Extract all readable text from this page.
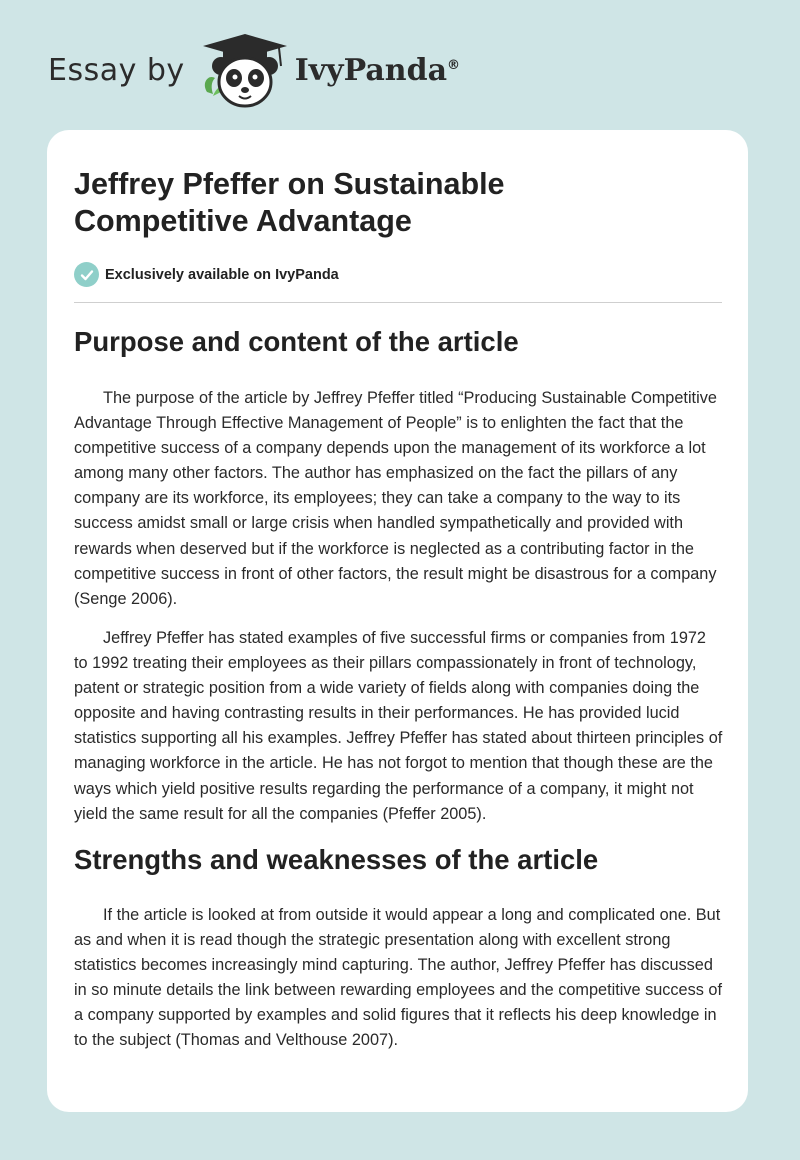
Essay by	IvyPanda®
Jeffrey Pfeffer on Sustainable Competitive Advantage
Exclusively available on IvyPanda
Purpose and content of the article

The purpose of the article by Jeffrey Pfeffer titled “Producing Sustainable Competitive Advantage Through Effective Management of People” is to enlighten the fact that the competitive success of a company depends upon the management of its workforce a lot among many other factors. The author has emphasized on the fact the pillars of any company are its workforce, its employees; they can take a company to the way to its success amidst small or large crisis when handled sympathetically and provided with rewards when deserved but if the workforce is neglected as a contributing factor in the competitive success in front of other factors, the result might be disastrous for a company (Senge 2006).

Jeffrey Pfeffer has stated examples of five successful firms or companies from 1972 to 1992 treating their employees as their pillars compassionately in front of technology, patent or strategic position from a wide variety of fields along with companies doing the opposite and having contrasting results in their performances. He has provided lucid statistics supporting all his examples. Jeffrey Pfeffer has stated about thirteen principles of managing workforce in the article. He has not forgot to mention that though these are the ways which yield positive results regarding the performance of a company, it might not yield the same result for all the companies (Pfeffer 2005).

Strengths and weaknesses of the article

If the article is looked at from outside it would appear a long and complicated one. But as and when it is read though the strategic presentation along with excellent strong statistics becomes increasingly mind capturing. The author, Jeffrey Pfeffer has discussed in so minute details the link between rewarding employees and the competitive success of a company supported by examples and solid figures that it reflects his deep knowledge in to the subject (Thomas and Velthouse 2007).
